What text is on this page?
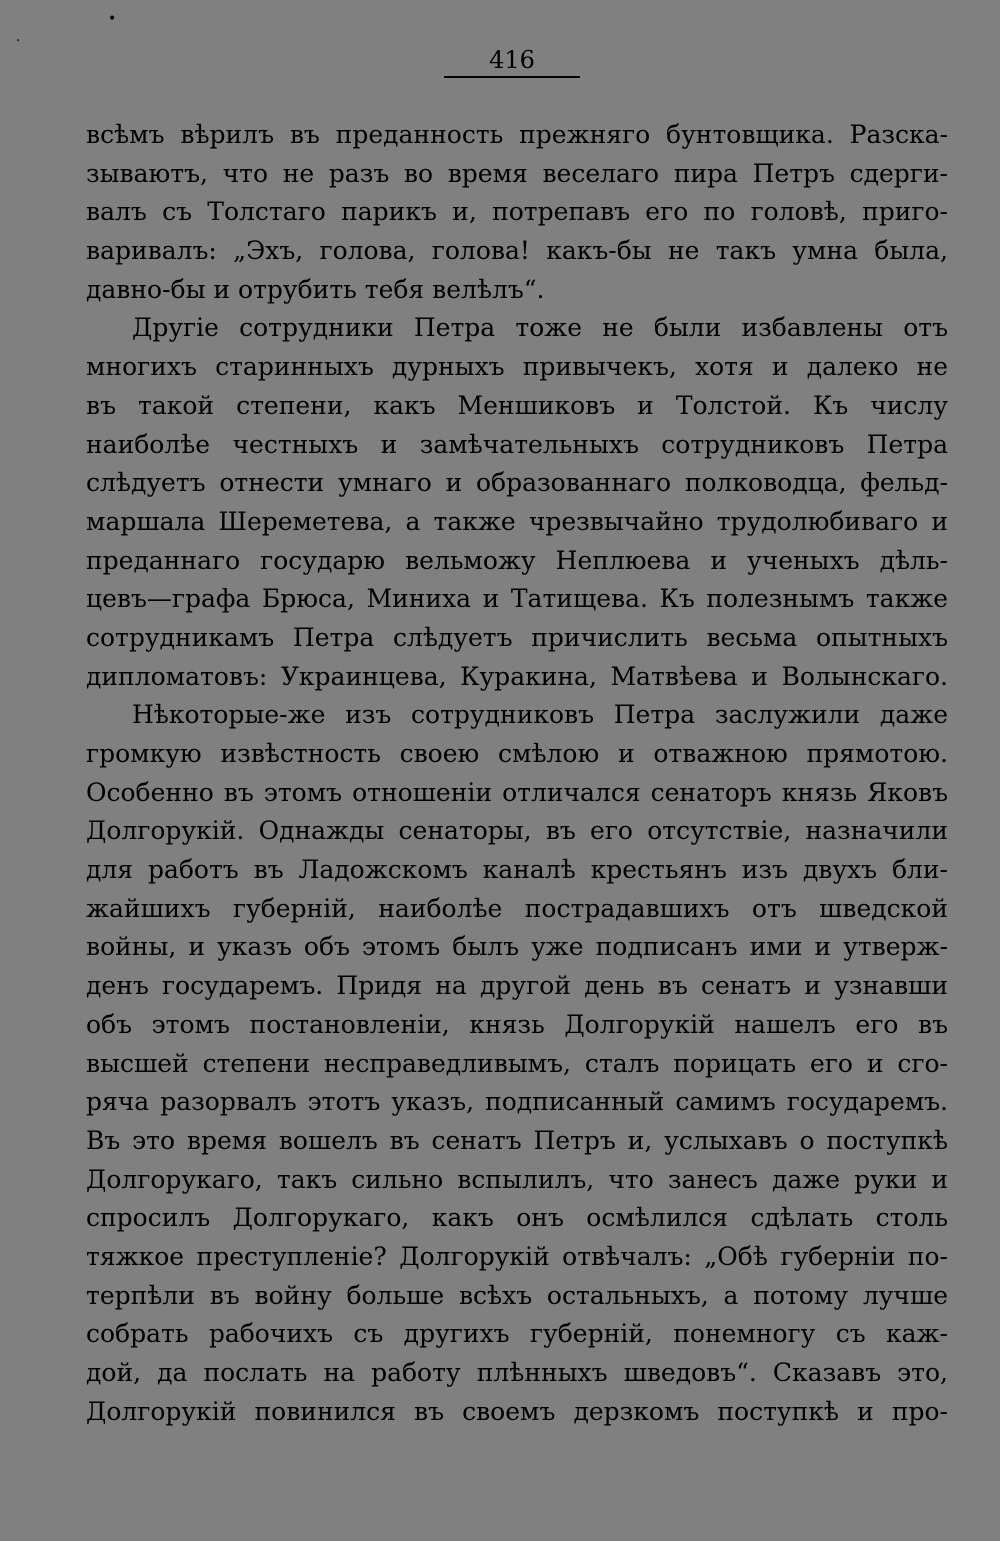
416
•
·
всѣмъ вѣрилъ въ преданность прежняго бунтовщика. Разска-
зываютъ, что не разъ во время веселаго пира Петръ сдерги-
валъ съ Толстаго парикъ и, потрепавъ его по головѣ, пригo-
варивалъ: „Эхъ, голова, голова! какъ-бы не такъ умна была,
давно-бы и отрубить тебя велѣлъ“.
Другіе сотрудники Петра тоже не были избавлены отъ
многихъ старинныхъ дурныхъ привычекъ, хотя и далеко не
въ такой степени, какъ Меншиковъ и Толстой. Къ числу
наиболѣе честныхъ и замѣчательныхъ сотрудниковъ Петра
слѣдуетъ отнести умнаго и образованнаго полководца, фельд-
маршала Шереметева, а также чрезвычайно трудолюбиваго и
преданнаго государю вельможу Неплюева и ученыхъ дѣль-
цевъ—графа Брюса, Миниха и Татищева. Къ полезнымъ также
сотрудникамъ Петра слѣдуетъ причислить весьма опытныхъ
дипломатовъ: Украинцева, Куракина, Матвѣева и Волынскаго.
Нѣкоторые-же изъ сотрудниковъ Петра заслужили даже
громкую извѣстность своею смѣлою и отважною прямотою.
Особенно въ этомъ отношеніи отличался сенаторъ князь Яковъ
Долгорукій. Однажды сенаторы, въ его отсутствіе, назначили
для работъ въ Ладожскомъ каналѣ крестьянъ изъ двухъ бли-
жайшихъ губерній, наиболѣе пострадавшихъ отъ шведской
войны, и указъ объ этомъ былъ уже подписанъ ими и утверж-
денъ государемъ. Придя на другой день въ сенатъ и узнавши
объ этомъ постановленіи, князь Долгорукій нашелъ его въ
высшей степени несправедливымъ, сталъ порицать его и сго-
ряча разорвалъ этотъ указъ, подписанный самимъ государемъ.
Въ это время вошелъ въ сенатъ Петръ и, услыхавъ о поступкѣ
Долгорукаго, такъ сильно вспылилъ, что занесъ даже руки и
спросилъ Долгорукаго, какъ онъ осмѣлился сдѣлать столь
тяжкое преступленіе? Долгорукій отвѣчалъ: „Обѣ губерніи по-
терпѣли въ войну больше всѣхъ остальныхъ, а потому лучше
собрать рабочихъ съ другихъ губерній, понемногу съ каж-
дой, да послать на работу плѣнныхъ шведовъ“. Сказавъ это,
Долгорукій повинился въ своемъ дерзкомъ поступкѣ и про-
